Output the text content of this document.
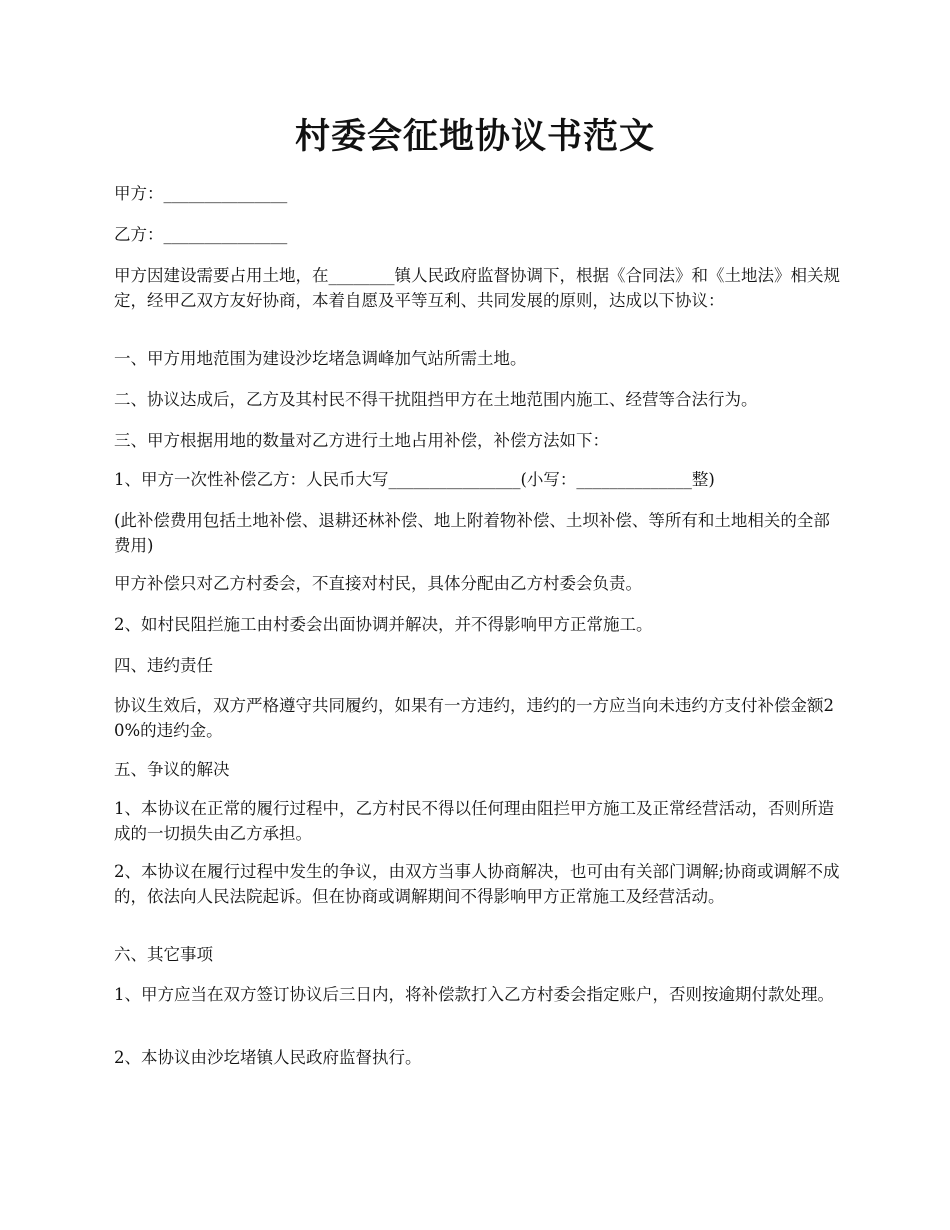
村委会征地协议书范文

甲方：_______________

乙方：_______________

甲方因建设需要占用土地，在________镇人民政府监督协调下，根据《合同法》和《土地法》相关规定，经甲乙双方友好协商，本着自愿及平等互利、共同发展的原则，达成以下协议：

一、甲方用地范围为建设沙圪堵急调峰加气站所需土地。

二、协议达成后，乙方及其村民不得干扰阻挡甲方在土地范围内施工、经营等合法行为。

三、甲方根据用地的数量对乙方进行土地占用补偿，补偿方法如下：

1、甲方一次性补偿乙方：人民币大写________________(小写：______________整)

(此补偿费用包括土地补偿、退耕还林补偿、地上附着物补偿、土坝补偿、等所有和土地相关的全部费用)

甲方补偿只对乙方村委会，不直接对村民，具体分配由乙方村委会负责。

2、如村民阻拦施工由村委会出面协调并解决，并不得影响甲方正常施工。

四、违约责任

协议生效后，双方严格遵守共同履约，如果有一方违约，违约的一方应当向未违约方支付补偿金额20%的违约金。

五、争议的解决

1、本协议在正常的履行过程中，乙方村民不得以任何理由阻拦甲方施工及正常经营活动，否则所造成的一切损失由乙方承担。

2、本协议在履行过程中发生的争议，由双方当事人协商解决，也可由有关部门调解;协商或调解不成的，依法向人民法院起诉。但在协商或调解期间不得影响甲方正常施工及经营活动。

六、其它事项

1、甲方应当在双方签订协议后三日内，将补偿款打入乙方村委会指定账户，否则按逾期付款处理。

2、本协议由沙圪堵镇人民政府监督执行。
